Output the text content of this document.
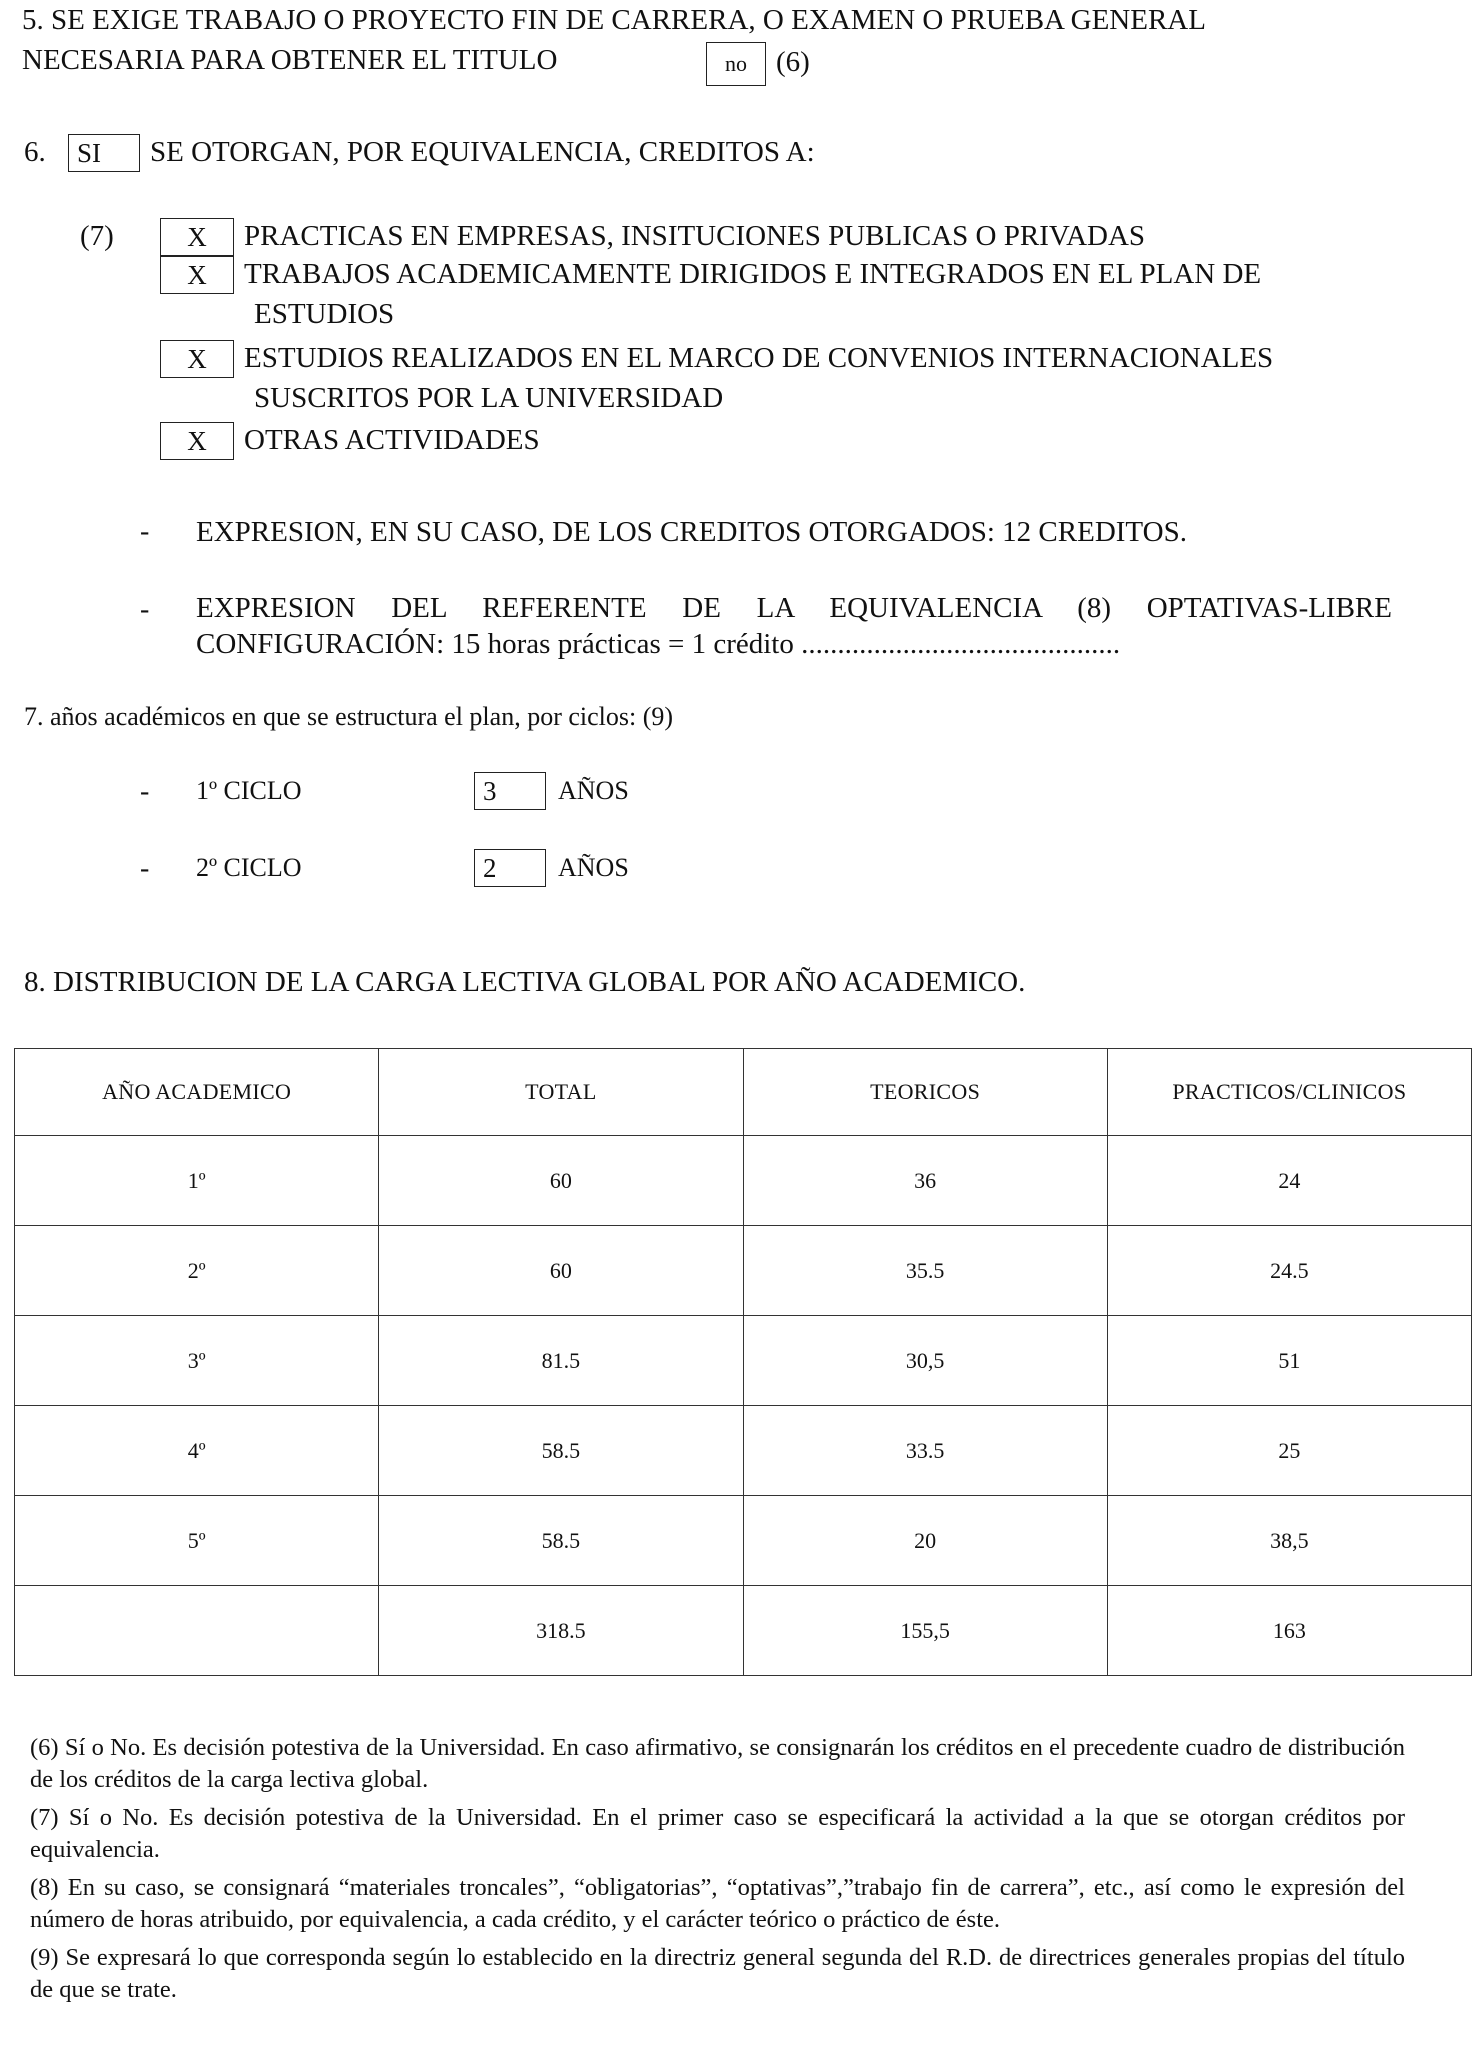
5. SE EXIGE TRABAJO O PROYECTO FIN DE CARRERA, O EXAMEN O PRUEBA GENERAL
NECESARIA PARA OBTENER EL TITULO	no	(6)
6.	SI	SE OTORGAN, POR EQUIVALENCIA, CREDITOS A:
(7)	X	PRACTICAS EN EMPRESAS, INSITUCIONES PUBLICAS O PRIVADAS
X	TRABAJOS ACADEMICAMENTE DIRIGIDOS E INTEGRADOS EN EL PLAN DE
ESTUDIOS
X	ESTUDIOS REALIZADOS EN EL MARCO DE CONVENIOS INTERNACIONALES
SUSCRITOS POR LA UNIVERSIDAD
X	OTRAS ACTIVIDADES
- EXPRESION, EN SU CASO, DE LOS CREDITOS OTORGADOS: 12 CREDITOS.
- EXPRESION DEL REFERENTE DE LA EQUIVALENCIA (8) OPTATIVAS-LIBRE
CONFIGURACIÓN: 15 horas prácticas = 1 crédito ............................................
7. años académicos en que se estructura el plan, por ciclos: (9)
- 1º CICLO	3	AÑOS
- 2º CICLO	2	AÑOS
8. DISTRIBUCION DE LA CARGA LECTIVA GLOBAL POR AÑO ACADEMICO.
AÑO ACADEMICO	TOTAL	TEORICOS	PRACTICOS/CLINICOS
1º	60	36	24
2º	60	35.5	24.5
3º	81.5	30,5	51
4º	58.5	33.5	25
5º	58.5	20	38,5
	318.5	155,5	163

(6) Sí o No. Es decisión potestiva de la Universidad. En caso afirmativo, se consignarán los créditos en el precedente cuadro de distribución de los créditos de la carga lectiva global.

(7) Sí o No. Es decisión potestiva de la Universidad. En el primer caso se especificará la actividad a la que se otorgan créditos por equivalencia.

(8) En su caso, se consignará “materiales troncales”, “obligatorias”, “optativas”,”trabajo fin de carrera”, etc., así como le expresión del número de horas atribuido, por equivalencia, a cada crédito, y el carácter teórico o práctico de éste.

(9) Se expresará lo que corresponda según lo establecido en la directriz general segunda del R.D. de directrices generales propias del título de que se trate.
